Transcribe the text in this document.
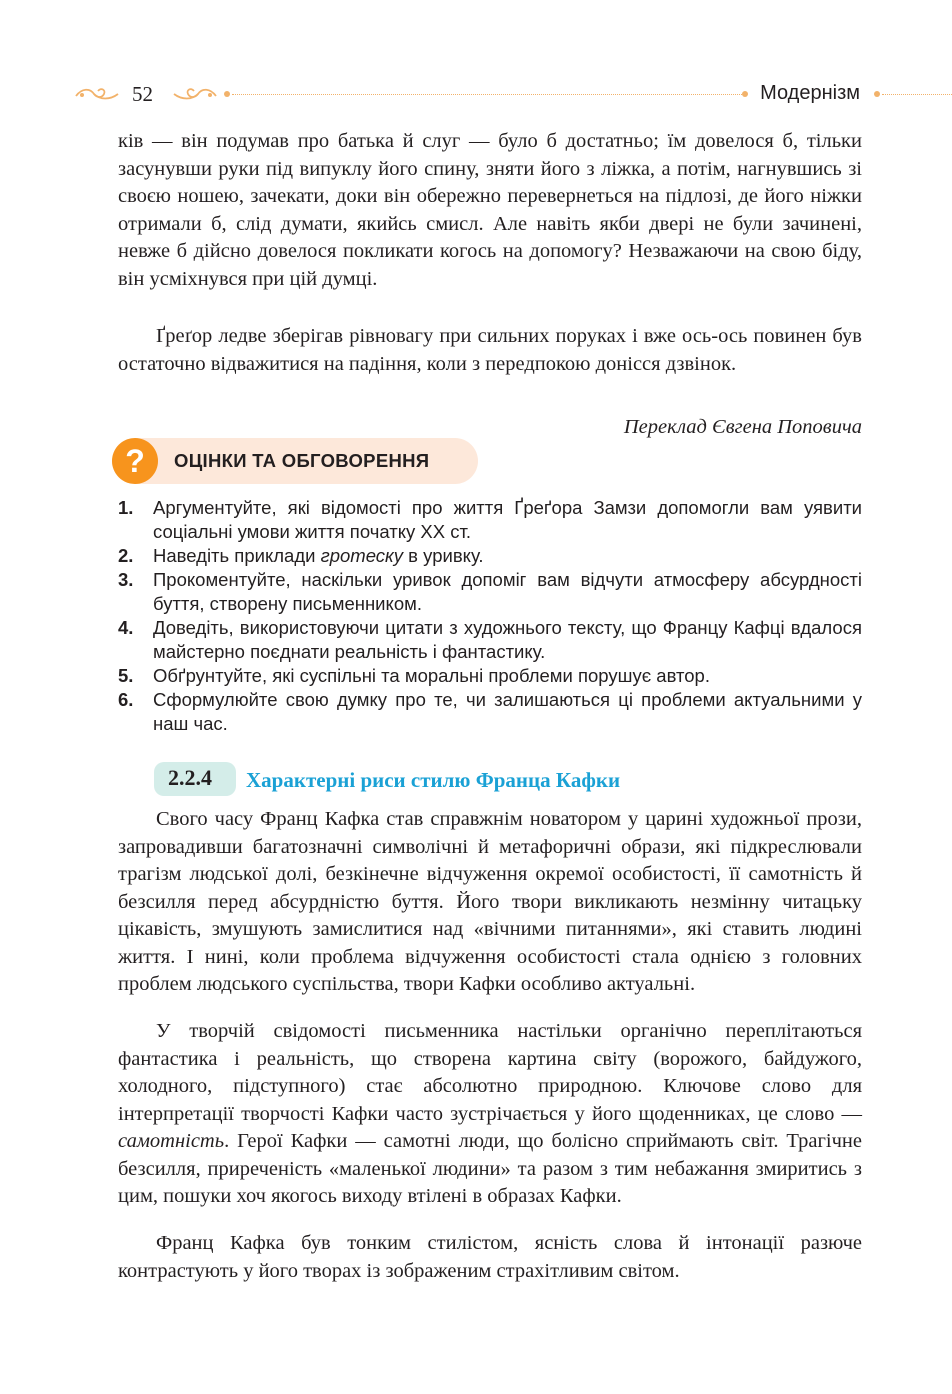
52	Модернізм

ків — він подумав про батька й слуг — було б достатньо; їм довелося б, тільки засунувши руки під випуклу його спину, зняти його з ліжка, а потім, нагнувшись зі своєю ношею, зачекати, доки він обережно перевернеться на підлозі, де його ніжки отримали б, слід думати, якийсь смисл. Але навіть якби двері не були зачинені, невже б дійсно довелося покликати когось на допомогу? Незважаючи на свою біду, він усміхнувся при цій думці.

Ґреґор ледве зберігав рівновагу при сильних поруках і вже ось-ось повинен був остаточно відважитися на падіння, коли з передпокою донісся дзвінок.

Переклад Євгена Поповича
?	ОЦІНКИ ТА ОБГОВОРЕННЯ
1. Аргументуйте, які відомості про життя Ґреґора Замзи допомогли вам уявити соціальні умови життя початку XX ст.
2. Наведіть приклади гротеску в уривку.
3. Прокоментуйте, наскільки уривок допоміг вам відчути атмосферу абсурдності буття, створену письменником.
4. Доведіть, використовуючи цитати з художнього тексту, що Францу Кафці вдалося майстерно поєднати реальність і фантастику.
5. Обґрунтуйте, які суспільні та моральні проблеми порушує автор.
6. Сформулюйте свою думку про те, чи залишаються ці проблеми актуальними у наш час.
2.2.4 Характерні риси стилю Франца Кафки

Свого часу Франц Кафка став справжнім новатором у царині художньої прози, запровадивши багатозначні символічні й метафоричні образи, які підкреслювали трагізм людської долі, безкінечне відчуження окремої особистості, її самотність й безсилля перед абсурдністю буття. Його твори викликають незмінну читацьку цікавість, змушують замислитися над «вічними питаннями», які ставить людині життя. І нині, коли проблема відчуження особистості стала однією з головних проблем людського суспільства, твори Кафки особливо актуальні.

У творчій свідомості письменника настільки органічно переплітаються фантастика і реальність, що створена картина світу (ворожого, байдужого, холодного, підступного) стає абсолютно природною. Ключове слово для інтерпретації творчості Кафки часто зустрічається у його щоденниках, це слово — самотність. Герої Кафки — самотні люди, що болісно сприймають світ. Трагічне безсилля, приреченість «маленької людини» та разом з тим небажання змиритись з цим, пошуки хоч якогось виходу втілені в образах Кафки.

Франц Кафка був тонким стилістом, ясність слова й інтонації разюче контрастують у його творах із зображеним страхітливим світом.
